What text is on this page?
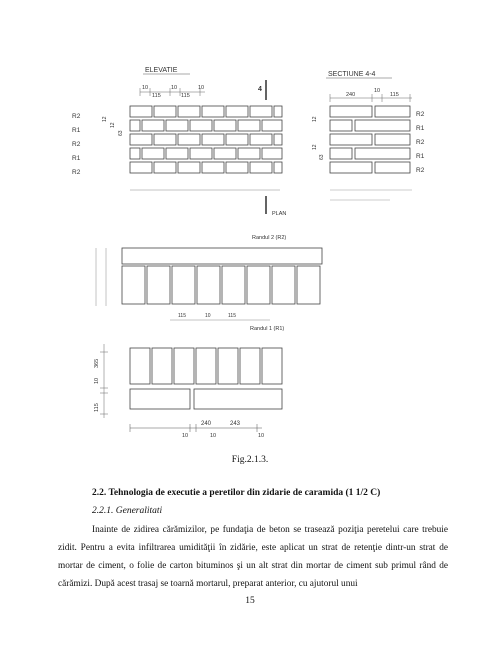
ELEVATIE
10
115
10
115
10	4
R2
R1
R2
R1
R2
12
12
63
PLAN
SECTIUNE 4-4
240
10
115
R2
R1
R2
R1
R2
12
12
63
Randul 2 (R2)
115	10	115
Randul 1 (R1)
365
10
115
240	243
10	10	10
Fig.2.1.3.
2.2. Tehnologia de executie a peretilor din zidarie de caramida (1 1/2 C)
2.2.1. Generalitati

Inainte de zidirea cărămizilor, pe fundaţia de beton se trasează poziţia peretelui care trebuie zidit. Pentru a evita infiltrarea umidităţii în zidărie, este aplicat un strat de retenţie dintr-un strat de mortar de ciment, o folie de carton bituminos şi un alt strat din mortar de ciment sub primul rând de cărămizi. După acest trasaj se toarnă mortarul, preparat anterior, cu ajutorul unui

15
